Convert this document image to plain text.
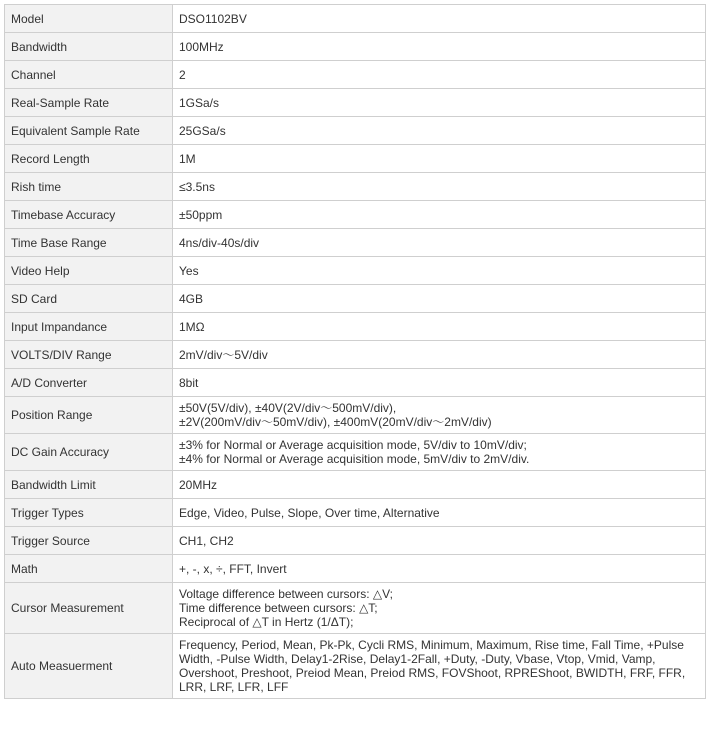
Model	DSO1102BV

Bandwidth	100MHz

Channel	2

Real-Sample Rate	1GSa/s

Equivalent Sample Rate	25GSa/s

Record Length	1M

Rish time	≤3.5ns

Timebase Accuracy	±50ppm

Time Base Range	4ns/div-40s/div

Video Help	Yes

SD Card	4GB

Input Impandance	1MΩ

VOLTS/DIV Range	2mV/div～5V/div

A/D Converter	8bit

Position Range	±50V(5V/div), ±40V(2V/div～500mV/div),
±2V(200mV/div～50mV/div), ±400mV(20mV/div～2mV/div)

DC Gain Accuracy	±3% for Normal or Average acquisition mode, 5V/div to 10mV/div;
±4% for Normal or Average acquisition mode, 5mV/div to 2mV/div.

Bandwidth Limit	20MHz

Trigger Types	Edge, Video, Pulse, Slope, Over time, Alternative

Trigger Source	CH1, CH2

Math	+, -, x, ÷, FFT, Invert

Cursor Measurement	Voltage difference between cursors: △V;
Time difference between cursors: △T;
Reciprocal of △T in Hertz (1/ΔT);

Auto Measuerment	Frequency, Period, Mean, Pk-Pk, Cycli RMS, Minimum, Maximum, Rise time, Fall Time, +Pulse
Width, -Pulse Width, Delay1-2Rise, Delay1-2Fall, +Duty, -Duty, Vbase, Vtop, Vmid, Vamp,
Overshoot, Preshoot, Preiod Mean, Preiod RMS, FOVShoot, RPREShoot, BWIDTH, FRF, FFR,
LRR, LRF, LFR, LFF
